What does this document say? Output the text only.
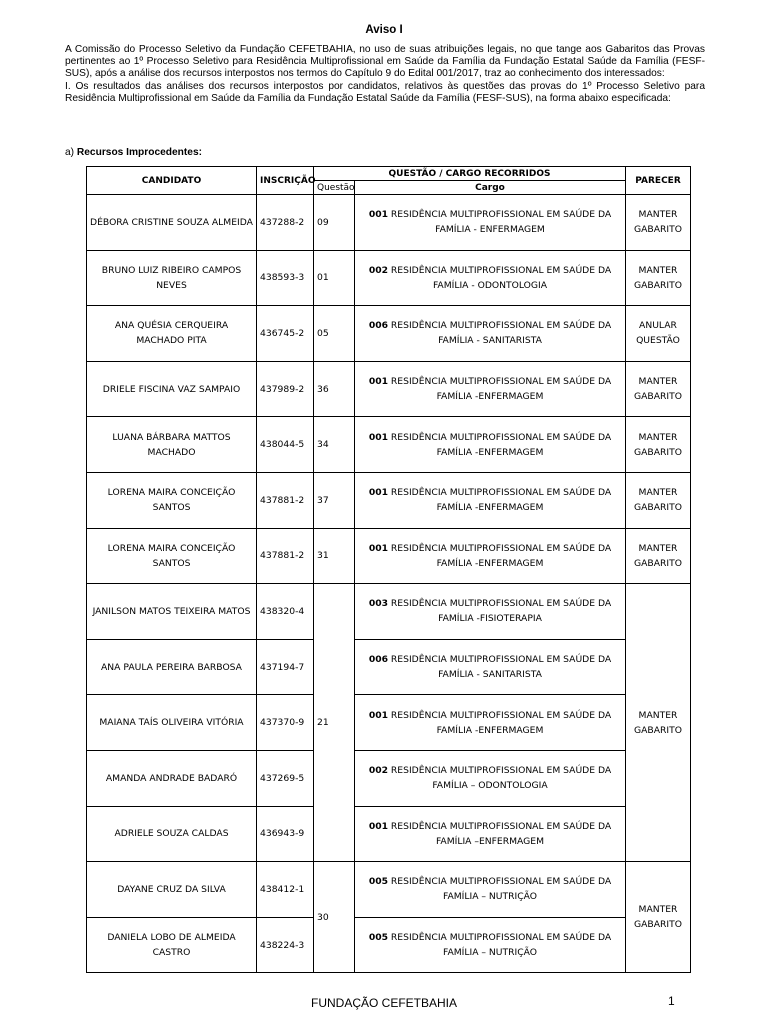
Aviso I

A Comissão do Processo Seletivo da Fundação CEFETBAHIA, no uso de suas atribuições legais, no que tange aos Gabaritos das Provas pertinentes ao 1º Processo Seletivo para Residência Multiprofissional em Saúde da Família da Fundação Estatal Saúde da Família (FESF-SUS), após a análise dos recursos interpostos nos termos do Capítulo 9 do Edital 001/2017, traz ao conhecimento dos interessados:

I. Os resultados das análises dos recursos interpostos por candidatos, relativos às questões das provas do 1º Processo Seletivo para Residência Multiprofissional em Saúde da Família da Fundação Estatal Saúde da Família (FESF-SUS), na forma abaixo especificada:

a) Recursos Improcedentes:
CANDIDATO	INSCRIÇÃO	QUESTÃO / CARGO RECORRIDOS		PARECER
		Questão	Cargo	
DÉBORA CRISTINE SOUZA ALMEIDA	437288-2	09	001 RESIDÊNCIA MULTIPROFISSIONAL EM SAÚDE DA FAMÍLIA - ENFERMAGEM	MANTER GABARITO
BRUNO LUIZ RIBEIRO CAMPOS NEVES	438593-3	01	002 RESIDÊNCIA MULTIPROFISSIONAL EM SAÚDE DA FAMÍLIA - ODONTOLOGIA	MANTER GABARITO
ANA QUÉSIA CERQUEIRA MACHADO PITA	436745-2	05	006 RESIDÊNCIA MULTIPROFISSIONAL EM SAÚDE DA FAMÍLIA - SANITARISTA	ANULAR QUESTÃO
DRIELE FISCINA VAZ SAMPAIO	437989-2	36	001 RESIDÊNCIA MULTIPROFISSIONAL EM SAÚDE DA FAMÍLIA -ENFERMAGEM	MANTER GABARITO
LUANA BÁRBARA MATTOS MACHADO	438044-5	34	001 RESIDÊNCIA MULTIPROFISSIONAL EM SAÚDE DA FAMÍLIA -ENFERMAGEM	MANTER GABARITO
LORENA MAIRA CONCEIÇÃO SANTOS	437881-2	37	001 RESIDÊNCIA MULTIPROFISSIONAL EM SAÚDE DA FAMÍLIA -ENFERMAGEM	MANTER GABARITO
LORENA MAIRA CONCEIÇÃO SANTOS	437881-2	31	001 RESIDÊNCIA MULTIPROFISSIONAL EM SAÚDE DA FAMÍLIA -ENFERMAGEM	MANTER GABARITO
JANILSON MATOS TEIXEIRA MATOS	438320-4	21	003 RESIDÊNCIA MULTIPROFISSIONAL EM SAÚDE DA FAMÍLIA -FISIOTERAPIA	MANTER GABARITO
ANA PAULA PEREIRA BARBOSA	437194-7		006 RESIDÊNCIA MULTIPROFISSIONAL EM SAÚDE DA FAMÍLIA - SANITARISTA	
MAIANA TAÍS OLIVEIRA VITÓRIA	437370-9		001 RESIDÊNCIA MULTIPROFISSIONAL EM SAÚDE DA FAMÍLIA -ENFERMAGEM	
AMANDA ANDRADE BADARÓ	437269-5		002 RESIDÊNCIA MULTIPROFISSIONAL EM SAÚDE DA FAMÍLIA – ODONTOLOGIA	
ADRIELE SOUZA CALDAS	436943-9		001 RESIDÊNCIA MULTIPROFISSIONAL EM SAÚDE DA FAMÍLIA –ENFERMAGEM	
DAYANE CRUZ DA SILVA	438412-1	30	005 RESIDÊNCIA MULTIPROFISSIONAL EM SAÚDE DA FAMÍLIA – NUTRIÇÃO	MANTER GABARITO
DANIELA LOBO DE ALMEIDA CASTRO	438224-3		005 RESIDÊNCIA MULTIPROFISSIONAL EM SAÚDE DA FAMÍLIA – NUTRIÇÃO	
FUNDAÇÃO CEFETBAHIA	1
